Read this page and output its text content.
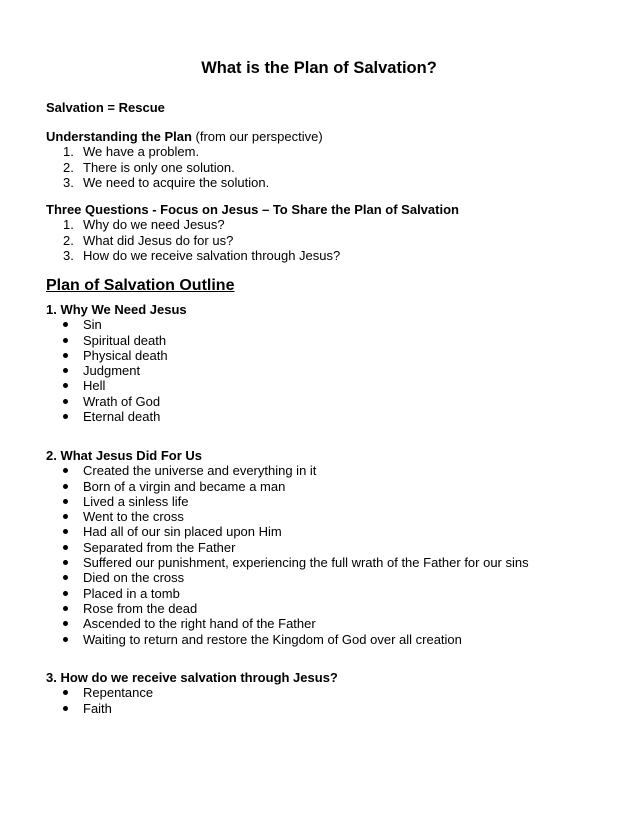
What is the Plan of Salvation?
Salvation = Rescue
Understanding the Plan (from our perspective)
1. We have a problem.
2. There is only one solution.
3. We need to acquire the solution.
Three Questions - Focus on Jesus – To Share the Plan of Salvation
1. Why do we need Jesus?
2. What did Jesus do for us?
3. How do we receive salvation through Jesus?
Plan of Salvation Outline
1. Why We Need Jesus
Sin
Spiritual death
Physical death
Judgment
Hell
Wrath of God
Eternal death
2. What Jesus Did For Us
Created the universe and everything in it
Born of a virgin and became a man
Lived a sinless life
Went to the cross
Had all of our sin placed upon Him
Separated from the Father
Suffered our punishment, experiencing the full wrath of the Father for our sins
Died on the cross
Placed in a tomb
Rose from the dead
Ascended to the right hand of the Father
Waiting to return and restore the Kingdom of God over all creation
3. How do we receive salvation through Jesus?
Repentance
Faith
